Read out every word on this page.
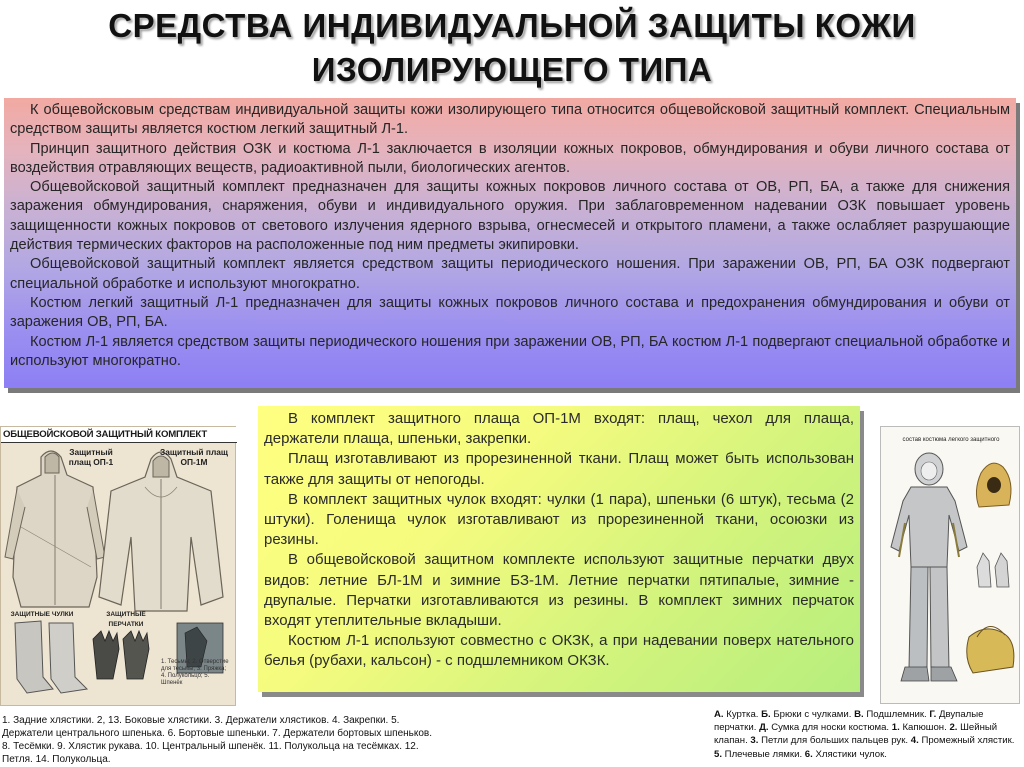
СРЕДСТВА ИНДИВИДУАЛЬНОЙ ЗАЩИТЫ КОЖИ
ИЗОЛИРУЮЩЕГО ТИПА

К общевойсковым средствам индивидуальной защиты кожи изолирующего типа относится общевойсковой защитный комплект. Специальным средством защиты является костюм легкий защитный Л-1.

Принцип защитного действия ОЗК и костюма Л-1 заключается в изоляции кожных покровов, обмундирования и обуви личного состава от воздействия отравляющих веществ, радиоактивной пыли, биологических агентов.

Общевойсковой защитный комплект предназначен для защиты кожных покровов личного состава от ОВ, РП, БА, а также для снижения заражения обмундирования, снаряжения, обуви и индивидуального оружия. При заблаговременном надевании ОЗК повышает уровень защищенности кожных покровов от светового излучения ядерного взрыва, огнесмесей и открытого пламени, а также ослабляет разрушающие действия термических факторов на расположенные под ним предметы экипировки.

Общевойсковой защитный комплект является средством защиты периодического ношения. При заражении ОВ, РП, БА ОЗК подвергают специальной обработке и используют многократно.

Костюм легкий защитный Л-1 предназначен для защиты кожных покровов личного состава и предохранения обмундирования и обуви от заражения ОВ, РП, БА.

Костюм Л-1 является средством защиты периодического ношения при заражении ОВ, РП, БА костюм Л-1 подвергают специальной обработке и используют многократно.

ОБЩЕВОЙСКОВОЙ ЗАЩИТНЫЙ КОМПЛЕКТ
Защитный плащ ОП-1
Защитный плащ ОП-1М
ЗАЩИТНЫЕ ЧУЛКИ	ЗАЩИТНЫЕ ПЕРЧАТКИ
1. Тесьмы; 2. Отверстие для тесьмы; 3. Пряжка; 4. Полукольцо; 5. Шпенёк
1. Задние хлястики. 2, 13. Боковые хлястики. 3. Держатели хлястиков. 4. Закрепки. 5. Держатели центрального шпенька. 6. Бортовые шпеньки. 7. Держатели бортовых шпеньков. 8. Тесёмки. 9. Хлястик рукава. 10. Центральный шпенёк. 11. Полукольца на тесёмках. 12. Петля. 14. Полукольца.

В комплект защитного плаща ОП-1М входят: плащ, чехол для плаща, держатели плаща, шпеньки, закрепки.

Плащ изготавливают из прорезиненной ткани. Плащ может быть использован также для защиты от непогоды.

В комплект защитных чулок входят: чулки (1 пара), шпеньки (6 штук), тесьма (2 штуки). Голенища чулок изготавливают из прорезиненной ткани, осоюзки из резины.

В общевойсковой защитном комплекте используют защитные перчатки двух видов: летние БЛ-1М и зимние БЗ-1М. Летние перчатки пятипалые, зимние - двупалые. Перчатки изготавливаются из резины. В комплект зимних перчаток входят утеплительные вкладыши.

Костюм Л-1 используют совместно с ОКЗК, а при надевании поверх нательного белья (рубахи, кальсон) - с подшлемником ОКЗК.

состав костюма легкого защитного
А. Куртка. Б. Брюки с чулками. В. Подшлемник. Г. Двупалые перчатки. Д. Сумка для носки костюма. 1. Капюшон. 2. Шейный клапан. 3. Петли для больших пальцев рук. 4. Промежный хлястик. 5. Плечевые лямки. 6. Хлястики чулок.
